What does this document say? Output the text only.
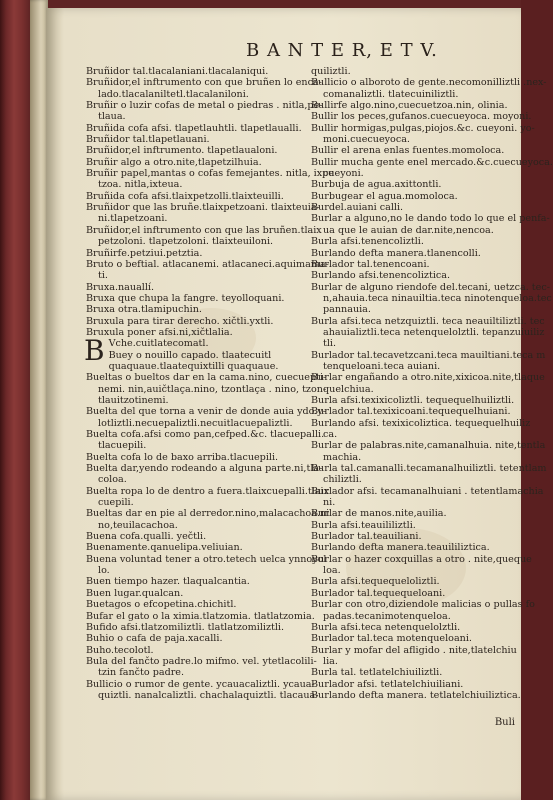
B A N T E R, E T V.
Bruñidor tal.tlacalaniani.tlacalaniqui.
Bruñidor,el inftrumento con que bruñen lo enca-
lado.tlacalaniltetl.tlacalaniloni.
Bruñir o luzir cofas de metal o piedras . nitla,pe-
tlaua.
Bruñida cofa afsi. tlapetlauhtli. tlapetlaualli.
Bruñidor tal.tlapetlauani.
Bruñidor,el inftrumento. tlapetlaualoni.
Bruñir algo a otro.nite,tlapetzilhuia.
Bruñir papel,mantas o cofas femejantes. nitla, ixpe
tzoa. nitla,ixteua.
Bruñida cofa afsi.tlaixpetzolli.tlaixteuilli.
Bruñidor que las bruñe.tlaixpetzoani. tlaixteuia-
ni.tlapetzoani.
Bruñidor,el inftrumento con que las bruñen.tlaix
petzoloni. tlapetzoloni. tlaixteuiloni.
Bruñirfe.petziui.petztia.
Bruto o beftial. atlacanemi. atlacaneci.aquimama-
ti.
Bruxa.nauallí.
Bruxa que chupa la fangre. teyolloquani.
Bruxa otra.tlamipuchin.
Bruxula para tirar derecho. xičtli.yxtli.
Bruxula poner afsi.ni,xičtlalia.
B Vche.cuitlatecomatl.
Buey o nouillo capado. tlaatecuitl
quaquaue.tlaatequixtilli quaquaue.
Bueltas o bueltos dar en la cama.nino, cuecuepti-
nemi. nin,auičtlaça.nino, tzontlaça . nino, tzon-
tlauitzotinemi.
Buelta del que torna a venir de donde auia ydo.y-
lotliztli.necuepaliztli.necuitlacuepaliztli.
Buelta cofa.afsi como pan,cefped.&c. tlacuepalli.
tlacuepili.
Buelta cofa lo de baxo arriba.tlacuepili.
Buelta dar,yendo rodeando a alguna parte.ni,tla-
coloa.
Buelta ropa lo de dentro a fuera.tlaixcuepalli.tlaix
cuepili.
Bueltas dar en pie al derredor.nino,malacachoa.ni
no,teuilacachoa.
Buena cofa.qualli. yečtli.
Buenamente.qanuelipa.veliuian.
Buena voluntad tener a otro.tetech uelca ynnoyol
lo.
Buen tiempo hazer. tlaqualcantia.
Buen lugar.qualcan.
Buetagos o efcopetina.chichitl.
Bufar el gato o la ximia.tlatzomia. tlatlatzomia.
Bufido afsi.tlatzomiliztli. tlatlatzomiliztli.
Buhio o cafa de paja.xacalli.
Buho.tecolotl.
Bula del fančto padre.lo mifmo. vel. ytetlacolili-
tzin fančto padre.
Bullicio o rumor de gente. ycauacaliztli. ycaua-
quiztli. nanalcaliztli. chachalaquiztli. tlacaua-
quiliztli.
Bullicio o alboroto de gente.necomonilliztli .nex-
comanaliztli. tlatecuiniliztli.
Bullirfe algo.nino,cuecuetzoa.nin, olinia.
Bullir los peces,gufanos.cuecueyoca. moyoni.
Bullir hormigas,pulgas,piojos.&c. cueyoni. yo-
moni.cuecueyoca.
Bullir el arena enlas fuentes.momoloca.
Bullir mucha gente enel mercado.&c.cuecueyoca.
cueyoni.
Burbuja de agua.axittontli.
Burbugear el agua.momoloca.
Burdel.auiani calli.
Burlar a alguno,no le dando todo lo que el penfa-
ua que le auian de dar.nite,nencoa.
Burla afsi.tenencoliztli.
Burlando defta manera.tlanencolli.
Burlador tal.tenencoani.
Burlando afsi.tenencoliztica.
Burlar de alguno riendofe del.tecani, uetzca. tec-
n,ahauia.teca ninauiltia.teca ninotenqueloa.tec
pannauia.
Burla afsi.teca netzquiztli. teca neauiltiliztli. tec
ahauializtli.teca netenquelolztli. tepanzuiuiliz
tli.
Burlador tal.tecavetzcani.teca mauiltiani.teca m
tenqueloani.teca auiani.
Burlar engañando a otro.nite,xixicoa.nite,tlaque
quelchiua.
Burla afsi.texixicoliztli. tequequelhuiliztli.
Burlador tal.texixicoani.tequequelhuiani.
Burlando afsi. texixicoliztica. tequequelhuiliz
ca.
Burlar de palabras.nite,camanalhuia. nite,tentla
machia.
Burla tal.camanalli.tecamanalhuiliztli. tetentlam
chiliztli.
Burlador afsi. tecamanalhuiani . tetentlamachia
ni.
Burlar de manos.nite,auilia.
Burla afsi.teauililiztli.
Burlador tal.teauiliani.
Burlando defta manera.teauililiztica.
Burlar o hazer coxquillas a otro . nite,queque
loa.
Burla afsi.tequequeloliztli.
Burlador tal.tequequeloani.
Burlar con otro,diziendole malicias o pullas fo
padas.tecanimotenqueloa.
Burla afsi.teca netenquelolztli.
Burlador tal.teca motenqueloani.
Burlar y mofar del afligido . nite,tlatelchiu
lia.
Burla tal. tetlatelchiuiliztli.
Burlador afsi. tetlatelchiuiliani.
Burlando defta manera. tetlatelchiuiliztica.
Buli
